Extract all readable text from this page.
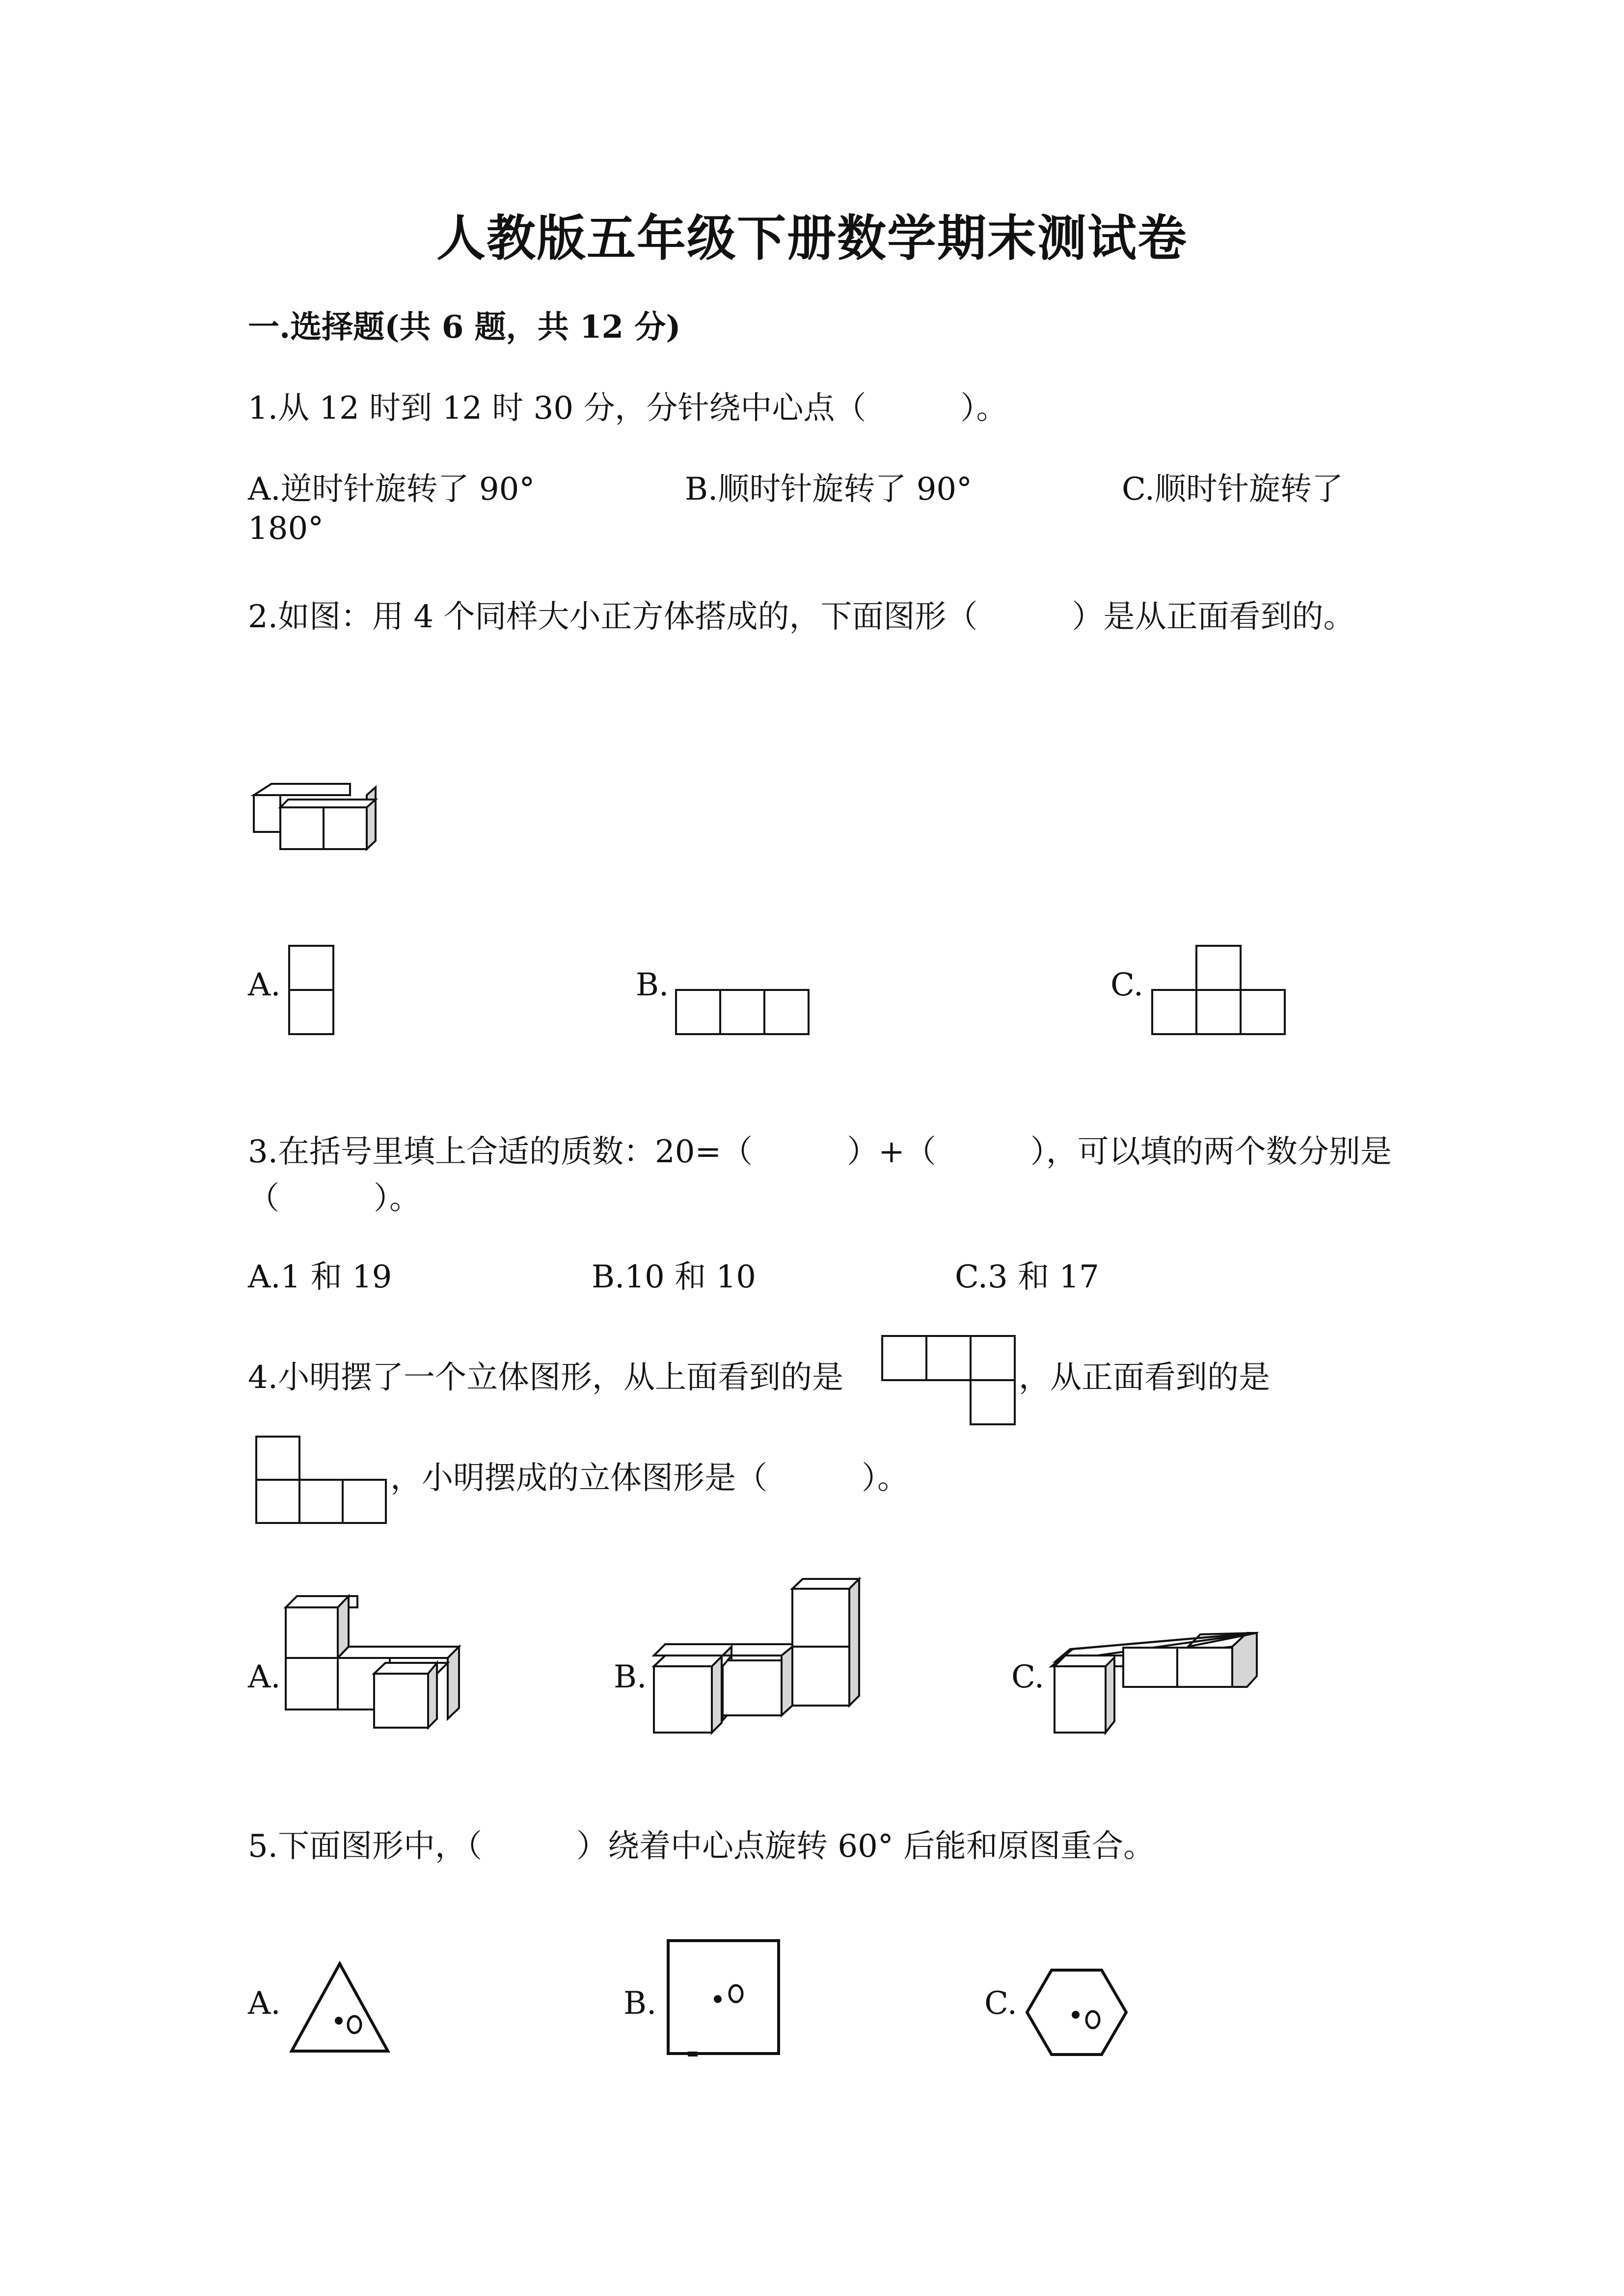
人教版五年级下册数学期末测试卷
一.选择题(共 6 题，共 12 分)
1.从 12 时到 12 时 30 分，分针绕中心点（　　　）。
A.逆时针旋转了 90°	B.顺时针旋转了 90°	C.顺时针旋转了
180°
2.如图：用 4 个同样大小正方体搭成的，下面图形（　　　）是从正面看到的。
A.	B.	C.
3.在括号里填上合适的质数：20=（　　　）+（　　　），可以填的两个数分别是
（　　　）。
A.1 和 19	B.10 和 10	C.3 和 17
4.小明摆了一个立体图形，从上面看到的是	，从正面看到的是
，小明摆成的立体图形是（　　　）。
A.	B.	C.
5.下面图形中，（　　　）绕着中心点旋转 60° 后能和原图重合。
A.	B.	C.
